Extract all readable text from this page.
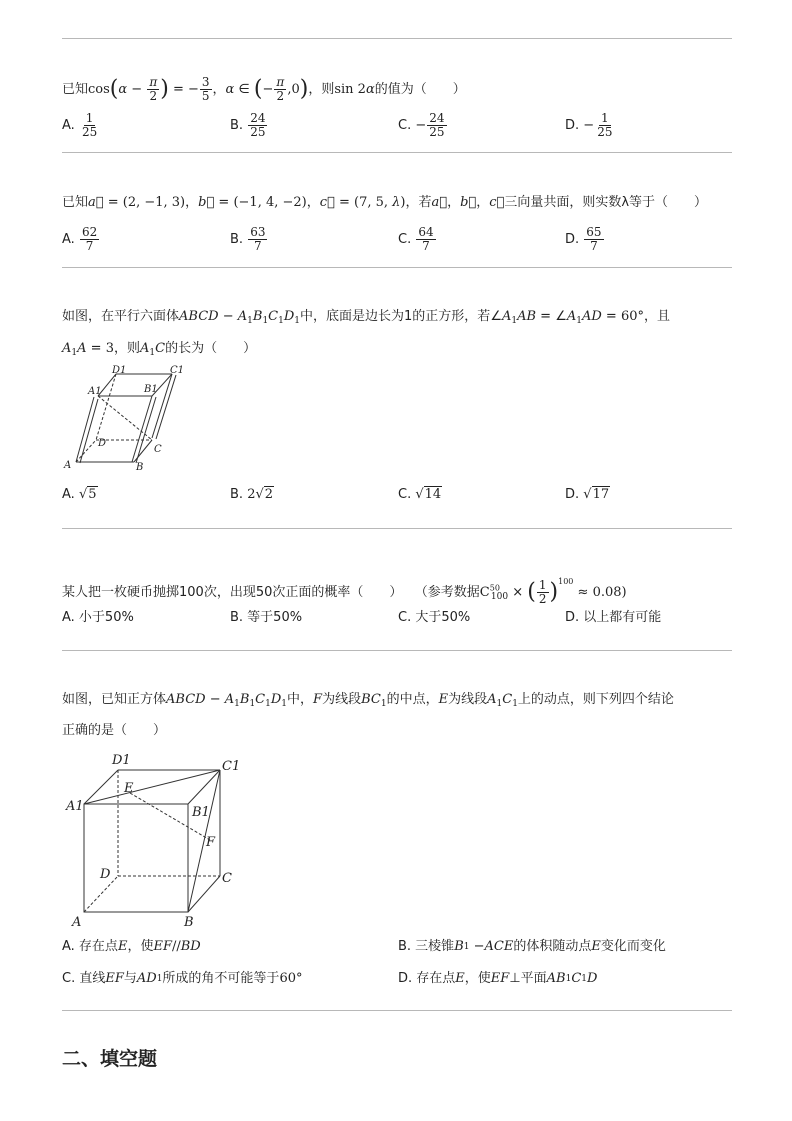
已知$\cos(\alpha - \frac{\pi}{2}$ ) = − $\frac{3}{5}$ ，α ∈ (− $\frac{\pi}{2} ,0$)，则sin 2α的值为（　　）
A.
$\frac{1}{25}$	B.
$\frac{24}{25}$	C. − $\frac{24}{25}$	D. − $\frac{1}{25}$
已知a⃗ = (2, −1, 3)，b⃗ = (−1, 4, −2)，c⃗ = (7, 5, λ)，若a⃗，b⃗，c⃗三向量共面，则实数λ等于（　　）
A.
$\frac{62}{7}$	B.
$\frac{63}{7}$	C.
$\frac{64}{7}$	D.
$\frac{65}{7}$
如图，在平行六面体ABCD − $A_1B_1C_1D_1$中，底面是边长为1的正方形，若$\angle A_1AB$ = $\angle A_1AD = 60^\circ$，且
$A_1A = 3$，则$A_1C$的长为（　　）
D1	C1
A1	B1
D
C
A	B
A.
√5	B.
2√2	C.
√14	D.
√17
某人把一枚硬币抛掷100次，出现50次正面的概率（　　） （参考数据$C^{50}_{100}$ × ( $\frac{1}{2} )^{100} \approx 0.08$)
A. 小于50%	B. 等于50%	C. 大于50%	D. 以上都有可能
如图，已知正方体ABCD − $A_1B_1C_1D_1$中，F为线段$BC_1$的中点，E为线段$A_1C_1$上的动点，则下列四个结论
正确的是（　　）
D1	C1
A1
E
B1
F
D	C
A	B
A. 存在点 E ，使 EF // BD	B. 三棱锥 B 1 − ACE 的体积随动点 E 变化而变化
C. 直线 EF 与 AD 1 所成的角不可能等于 60°	D. 存在点 E ，使 EF ⊥ 平面 AB 1 C 1 D
二、填空题
